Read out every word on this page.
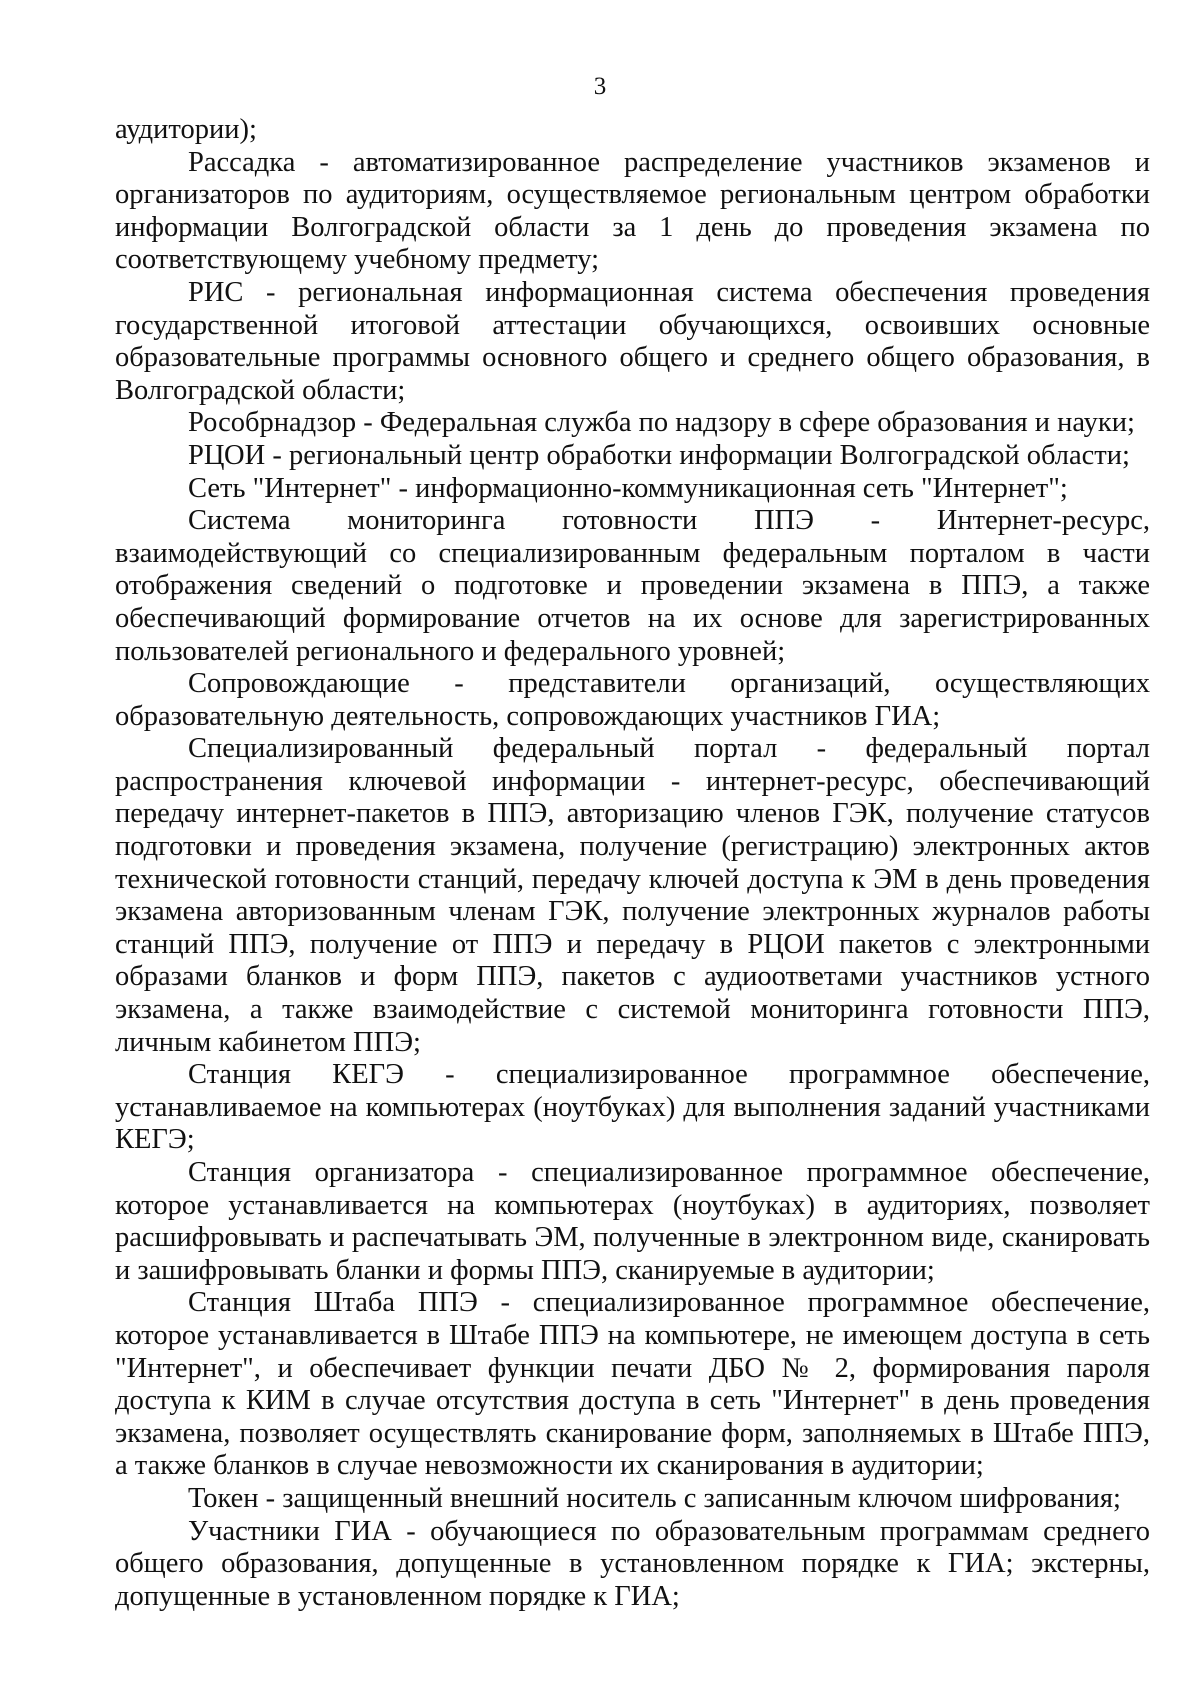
3

аудитории);

Рассадка - автоматизированное распределение участников экзаменов и организаторов по аудиториям, осуществляемое региональным центром обработки информации Волгоградской области за 1 день до проведения экзамена по соответствующему учебному предмету;

РИС - региональная информационная система обеспечения проведения государственной итоговой аттестации обучающихся, освоивших основные образовательные программы основного общего и среднего общего образования, в Волгоградской области;

Рособрнадзор - Федеральная служба по надзору в сфере образования и науки;

РЦОИ - региональный центр обработки информации Волгоградской области;

Сеть "Интернет" - информационно-коммуникационная сеть "Интернет";

Система мониторинга готовности ППЭ - Интернет-ресурс, взаимодействующий со специализированным федеральным порталом в части отображения сведений о подготовке и проведении экзамена в ППЭ, а также обеспечивающий формирование отчетов на их основе для зарегистрированных пользователей регионального и федерального уровней;

Сопровождающие - представители организаций, осуществляющих образовательную деятельность, сопровождающих участников ГИА;

Специализированный федеральный портал - федеральный портал распространения ключевой информации - интернет-ресурс, обеспечивающий передачу интернет-пакетов в ППЭ, авторизацию членов ГЭК, получение статусов подготовки и проведения экзамена, получение (регистрацию) электронных актов технической готовности станций, передачу ключей доступа к ЭМ в день проведения экзамена авторизованным членам ГЭК, получение электронных журналов работы станций ППЭ, получение от ППЭ и передачу в РЦОИ пакетов с электронными образами бланков и форм ППЭ, пакетов с аудиоответами участников устного экзамена, а также взаимодействие с системой мониторинга готовности ППЭ, личным кабинетом ППЭ;

Станция КЕГЭ - специализированное программное обеспечение, устанавливаемое на компьютерах (ноутбуках) для выполнения заданий участниками КЕГЭ;

Станция организатора - специализированное программное обеспечение, которое устанавливается на компьютерах (ноутбуках) в аудиториях, позволяет расшифровывать и распечатывать ЭМ, полученные в электронном виде, сканировать и зашифровывать бланки и формы ППЭ, сканируемые в аудитории;

Станция Штаба ППЭ - специализированное программное обеспечение, которое устанавливается в Штабе ППЭ на компьютере, не имеющем доступа в сеть "Интернет", и обеспечивает функции печати ДБО № 2, формирования пароля доступа к КИМ в случае отсутствия доступа в сеть "Интернет" в день проведения экзамена, позволяет осуществлять сканирование форм, заполняемых в Штабе ППЭ, а также бланков в случае невозможности их сканирования в аудитории;

Токен - защищенный внешний носитель с записанным ключом шифрования;

Участники ГИА - обучающиеся по образовательным программам среднего общего образования, допущенные в установленном порядке к ГИА; экстерны, допущенные в установленном порядке к ГИА;
